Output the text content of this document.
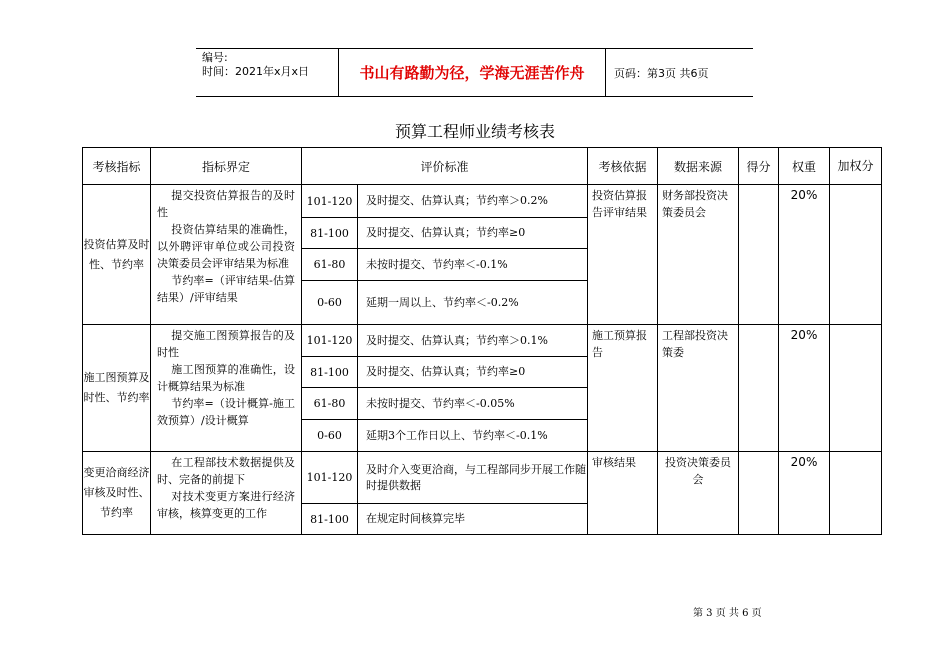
编号:
时间：2021年x月x日	书山有路勤为径，学海无涯苦作舟	页码：第3页 共6页
预算工程师业绩考核表
考核指标	指标界定	评价标准		考核依据	数据来源	得分	权重	加权分
投资估算及时性、节约率	提交投资估算报告的及时性

投资估算结果的准确性，以外聘评审单位或公司投资决策委员会评审结果为标准

节约率=（评审结果-估算结果）/评审结果	101-120	及时提交、估算认真；节约率＞0.2%	投资估算报告评审结果	财务部投资决策委员会		20%	
		81-100	及时提交、估算认真；节约率≥0					
		61-80	未按时提交、节约率＜-0.1%					
		0-60	延期一周以上、节约率＜-0.2%					
施工图预算及时性、节约率	提交施工图预算报告的及时性

施工图预算的准确性，设计概算结果为标准

节约率=（设计概算-施工效预算）/设计概算	101-120	及时提交、估算认真；节约率＞0.1%	施工预算报告	工程部投资决策委		20%	
		81-100	及时提交、估算认真；节约率≥0					
		61-80	未按时提交、节约率＜-0.05%					
		0-60	延期3个工作日以上、节约率＜-0.1%					
变更洽商经济审核及时性、节约率	在工程部技术数据提供及时、完备的前提下

对技术变更方案进行经济审核，核算变更的工作	101-120	及时介入变更洽商，与工程部同步开展工作随时提供数据	审核结果	投资决策委员会		20%	
		81-100	在规定时间核算完毕					
第 3 页 共 6 页
